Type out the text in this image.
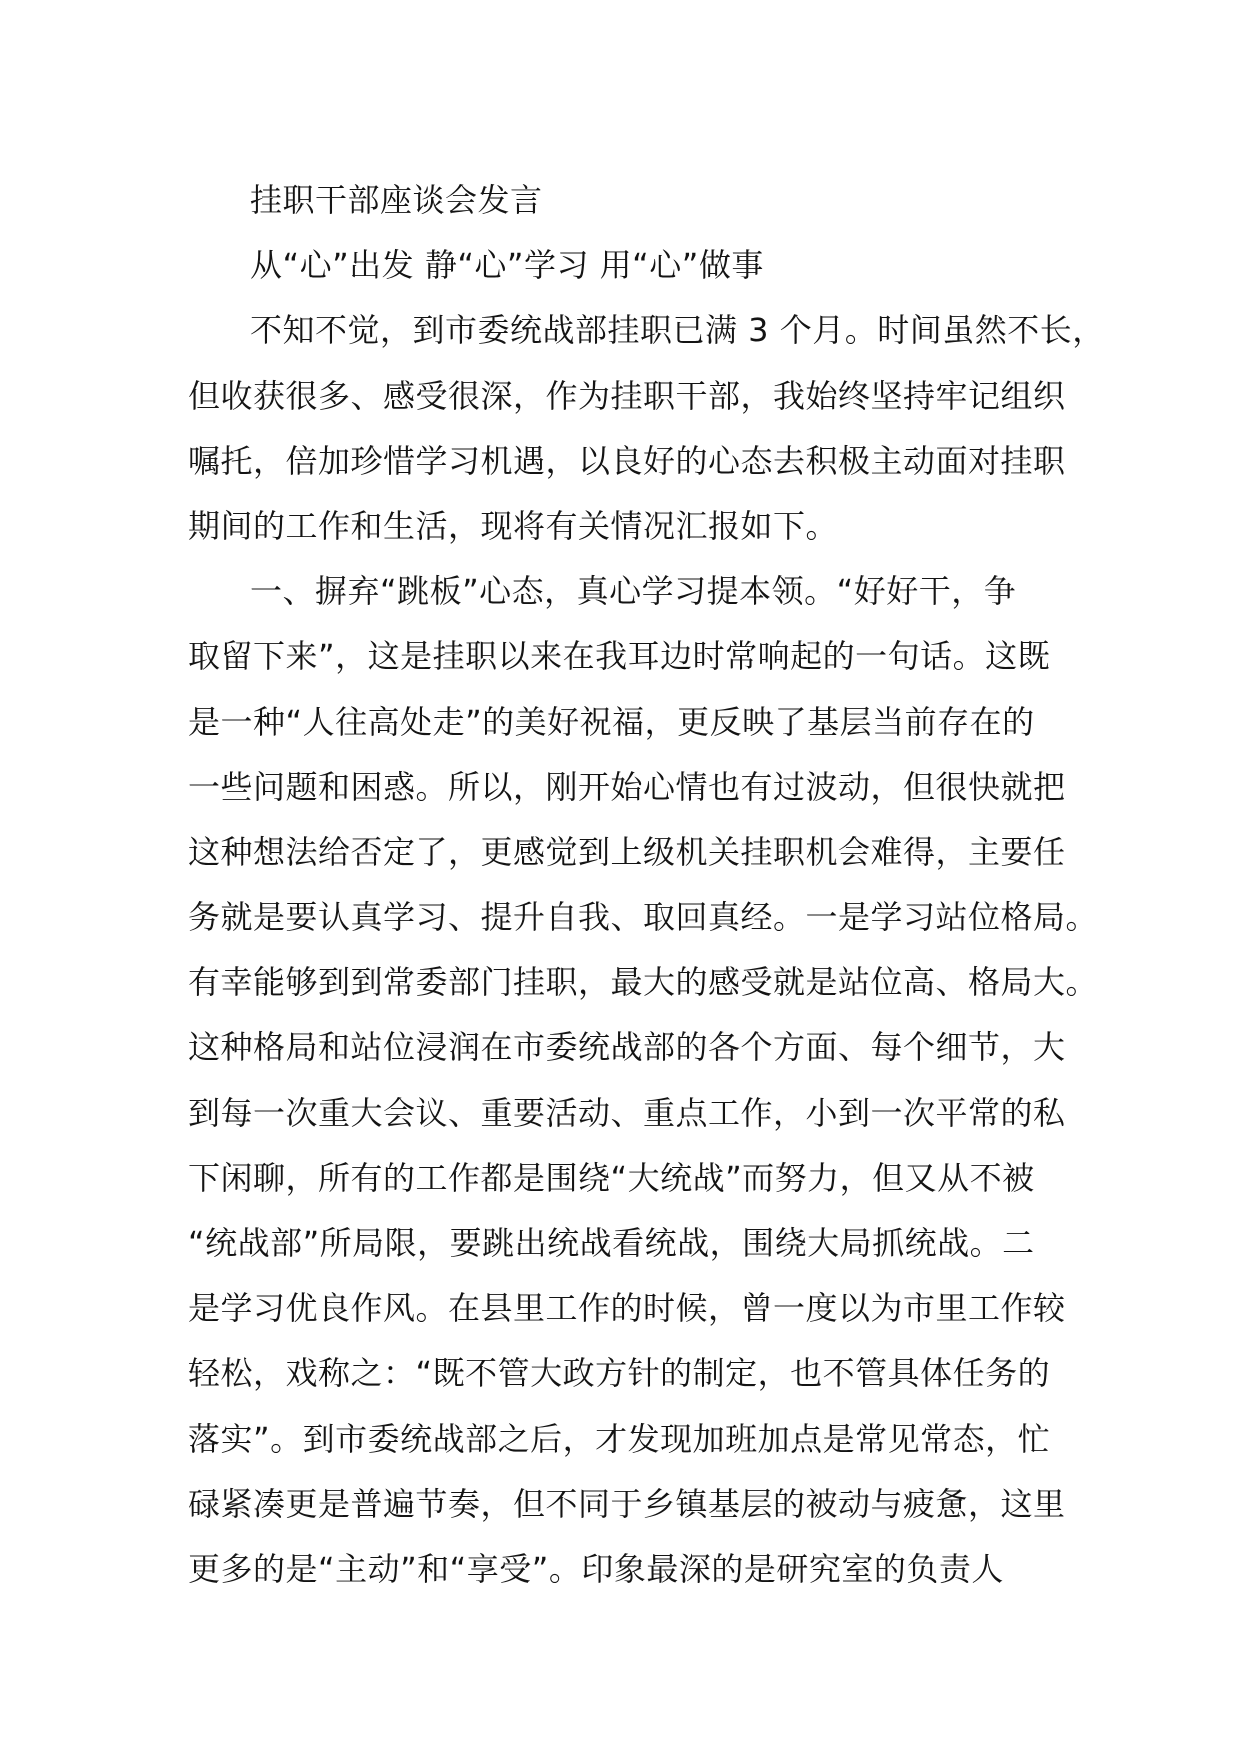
挂职干部座谈会发言

从“心”出发 静“心”学习 用“心”做事

不知不觉，到市委统战部挂职已满 3 个月。时间虽然不长，

但收获很多、感受很深，作为挂职干部，我始终坚持牢记组织

嘱托，倍加珍惜学习机遇，以良好的心态去积极主动面对挂职

期间的工作和生活，现将有关情况汇报如下。

一、摒弃“跳板”心态，真心学习提本领。“好好干，争

取留下来”，这是挂职以来在我耳边时常响起的一句话。这既

是一种“人往高处走”的美好祝福，更反映了基层当前存在的

一些问题和困惑。所以，刚开始心情也有过波动，但很快就把

这种想法给否定了，更感觉到上级机关挂职机会难得，主要任

务就是要认真学习、提升自我、取回真经。一是学习站位格局。

有幸能够到到常委部门挂职，最大的感受就是站位高、格局大。

这种格局和站位浸润在市委统战部的各个方面、每个细节，大

到每一次重大会议、重要活动、重点工作，小到一次平常的私

下闲聊，所有的工作都是围绕“大统战”而努力，但又从不被

“统战部”所局限，要跳出统战看统战，围绕大局抓统战。二

是学习优良作风。在县里工作的时候，曾一度以为市里工作较

轻松，戏称之：“既不管大政方针的制定，也不管具体任务的

落实”。到市委统战部之后，才发现加班加点是常见常态，忙

碌紧凑更是普遍节奏，但不同于乡镇基层的被动与疲惫，这里

更多的是“主动”和“享受”。印象最深的是研究室的负责人
